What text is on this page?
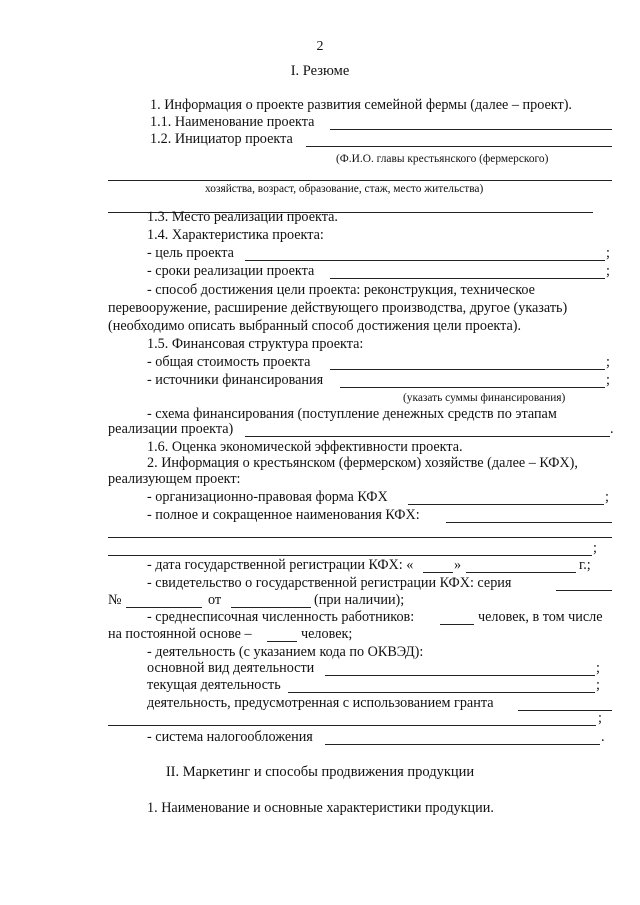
2
I. Резюме
1. Информация о проекте развития семейной фермы (далее – проект).
1.1. Наименование проекта
1.2. Инициатор проекта
(Ф.И.О. главы крестьянского (фермерского)
хозяйства, возраст, образование, стаж, место жительства)
1.3. Место реализации проекта.
1.4. Характеристика проекта:
- цель проекта	;
- сроки реализации проекта	;
- способ достижения цели проекта: реконструкция, техническое
перевооружение, расширение действующего производства, другое (указать)
(необходимо описать выбранный способ достижения цели проекта).
1.5. Финансовая структура проекта:
- общая стоимость проекта	;
- источники финансирования	;
(указать суммы финансирования)
- схема финансирования (поступление денежных средств по этапам
реализации проекта)	.
1.6. Оценка экономической эффективности проекта.
2. Информация о крестьянском (фермерском) хозяйстве (далее – КФХ),
реализующем проект:
- организационно-правовая форма КФХ	;
- полное и сокращенное наименования КФХ:
;
- дата государственной регистрации КФХ: «	»	г.;
- свидетельство о государственной регистрации КФХ: серия
№	от	(при наличии);
- среднесписочная численность работников:	человек, в том числе
на постоянной основе –	человек;
- деятельность (с указанием кода по ОКВЭД):
основной вид деятельности	;
текущая деятельность	;
деятельность, предусмотренная с использованием гранта
;
- система налогообложения	.
II. Маркетинг и способы продвижения продукции
1. Наименование и основные характеристики продукции.
